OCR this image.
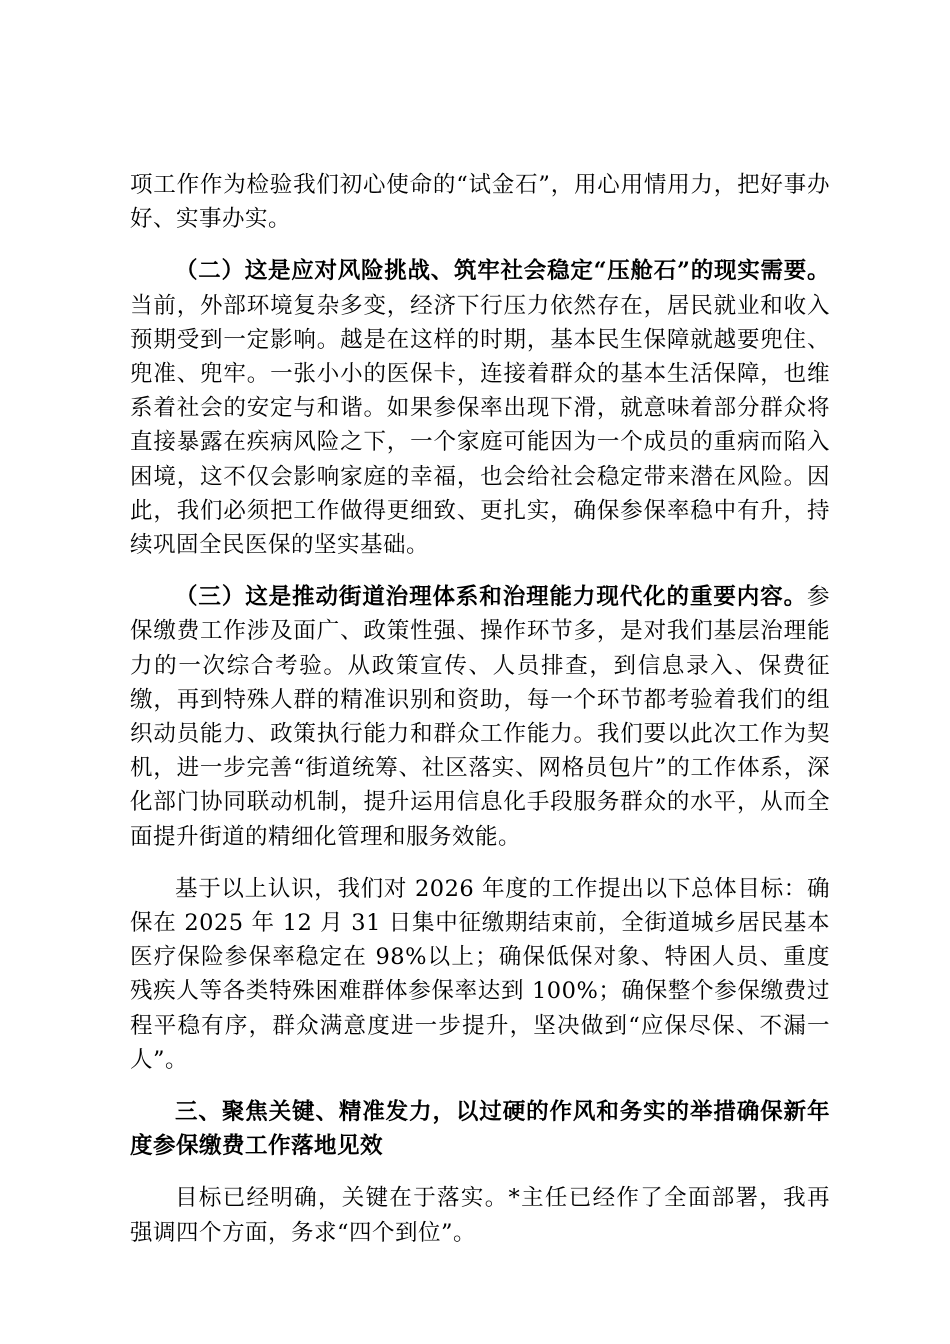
项工作作为检验我们初心使命的“试金石”，用心用情用力，把好事办好、实事办实。

（二）这是应对风险挑战、筑牢社会稳定“压舱石”的现实需要。当前，外部环境复杂多变，经济下行压力依然存在，居民就业和收入预期受到一定影响。越是在这样的时期，基本民生保障就越要兜住、兜准、兜牢。一张小小的医保卡，连接着群众的基本生活保障，也维系着社会的安定与和谐。如果参保率出现下滑，就意味着部分群众将直接暴露在疾病风险之下，一个家庭可能因为一个成员的重病而陷入困境，这不仅会影响家庭的幸福，也会给社会稳定带来潜在风险。因此，我们必须把工作做得更细致、更扎实，确保参保率稳中有升，持续巩固全民医保的坚实基础。

（三）这是推动街道治理体系和治理能力现代化的重要内容。参保缴费工作涉及面广、政策性强、操作环节多，是对我们基层治理能力的一次综合考验。从政策宣传、人员排查，到信息录入、保费征缴，再到特殊人群的精准识别和资助，每一个环节都考验着我们的组织动员能力、政策执行能力和群众工作能力。我们要以此次工作为契机，进一步完善“街道统筹、社区落实、网格员包片”的工作体系，深化部门协同联动机制，提升运用信息化手段服务群众的水平，从而全面提升街道的精细化管理和服务效能。

基于以上认识，我们对 2026 年度的工作提出以下总体目标：确保在 2025 年 12 月 31 日集中征缴期结束前，全街道城乡居民基本医疗保险参保率稳定在 98%以上；确保低保对象、特困人员、重度残疾人等各类特殊困难群体参保率达到 100%；确保整个参保缴费过程平稳有序，群众满意度进一步提升，坚决做到“应保尽保、不漏一人”。

三、聚焦关键、精准发力，以过硬的作风和务实的举措确保新年度参保缴费工作落地见效

目标已经明确，关键在于落实。*主任已经作了全面部署，我再强调四个方面，务求“四个到位”。
